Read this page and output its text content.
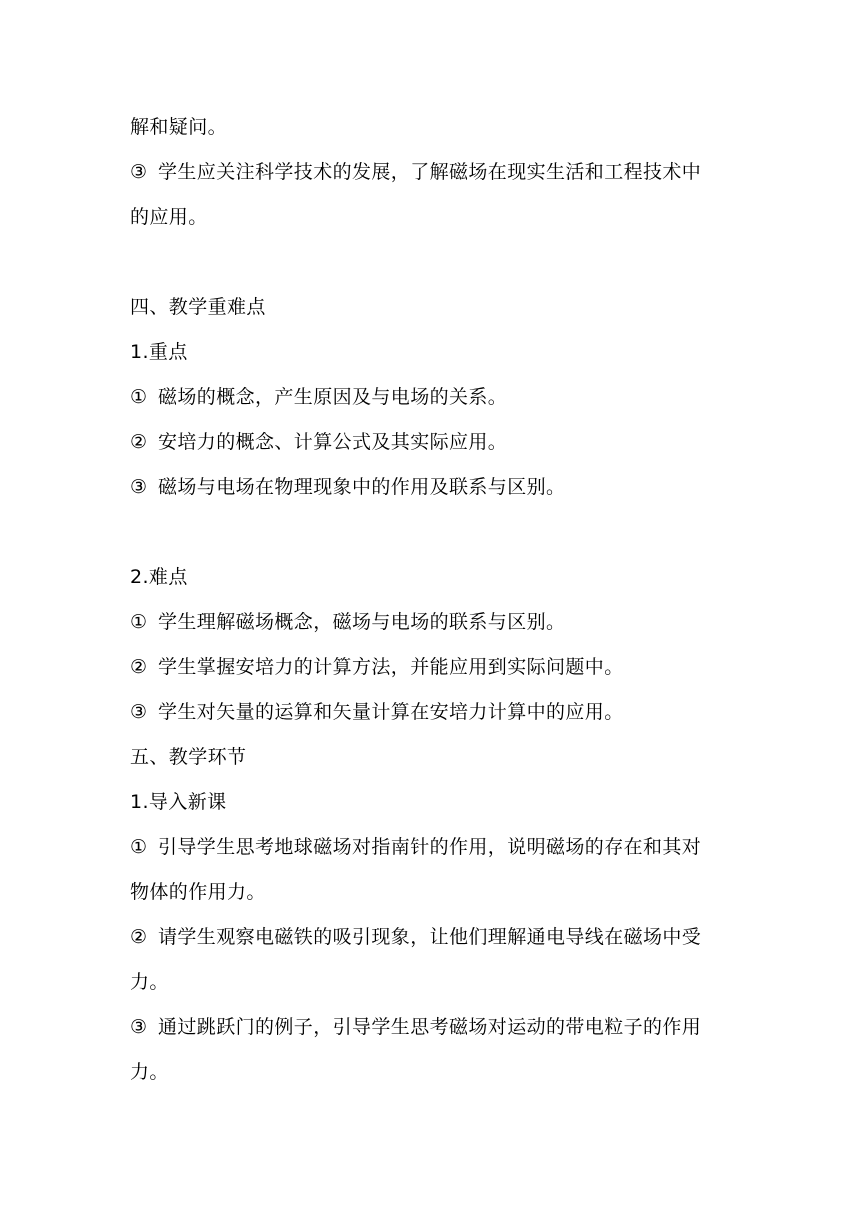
解和疑问。
③ 学生应关注科学技术的发展，了解磁场在现实生活和工程技术中
的应用。
四、教学重难点
1.重点
① 磁场的概念，产生原因及与电场的关系。
② 安培力的概念、计算公式及其实际应用。
③ 磁场与电场在物理现象中的作用及联系与区别。
2.难点
① 学生理解磁场概念，磁场与电场的联系与区别。
② 学生掌握安培力的计算方法，并能应用到实际问题中。
③ 学生对矢量的运算和矢量计算在安培力计算中的应用。
五、教学环节
1.导入新课
① 引导学生思考地球磁场对指南针的作用，说明磁场的存在和其对
物体的作用力。
② 请学生观察电磁铁的吸引现象，让他们理解通电导线在磁场中受
力。
③ 通过跳跃门的例子，引导学生思考磁场对运动的带电粒子的作用
力。
